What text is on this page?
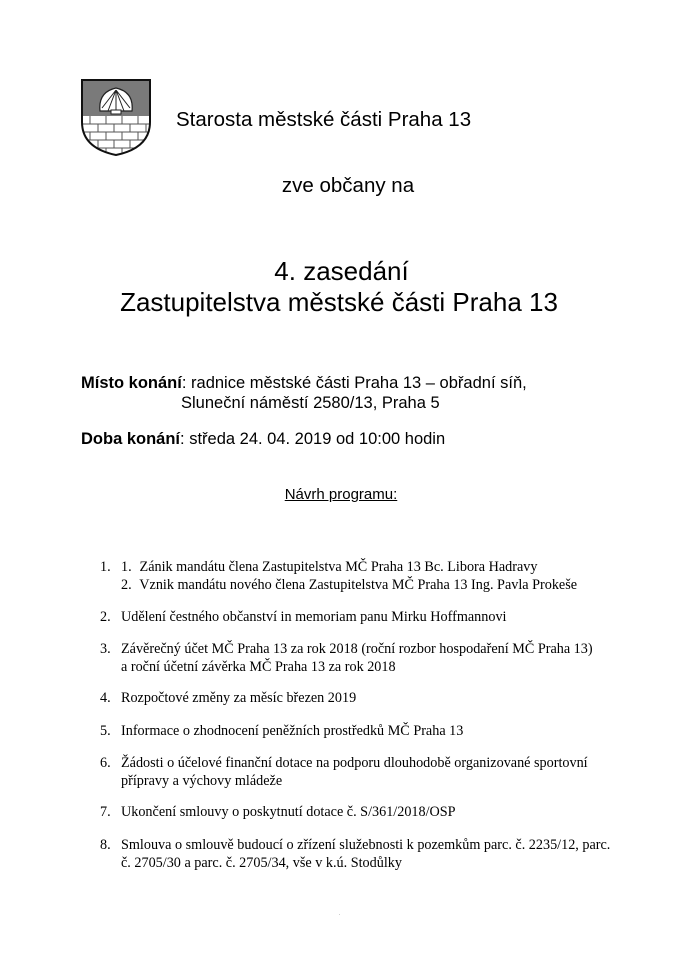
Starosta městské části Praha 13
zve občany na
4. zasedání
Zastupitelstva městské části Praha 13
Místo konání: radnice městské části Praha 13 – obřadní síň,
Sluneční náměstí 2580/13, Praha 5
Doba konání: středa 24. 04. 2019 od 10:00 hodin
Návrh programu:
1. 1. Zánik mandátu člena Zastupitelstva MČ Praha 13 Bc. Libora Hadravy
2. Vznik mandátu nového člena Zastupitelstva MČ Praha 13 Ing. Pavla Prokeše
2. Udělení čestného občanství in memoriam panu Mirku Hoffmannovi
3. Závěrečný účet MČ Praha 13 za rok 2018 (roční rozbor hospodaření MČ Praha 13)
a roční účetní závěrka MČ Praha 13 za rok 2018
4. Rozpočtové změny za měsíc březen 2019
5. Informace o zhodnocení peněžních prostředků MČ Praha 13
6. Žádosti o účelové finanční dotace na podporu dlouhodobě organizované sportovní
přípravy a výchovy mládeže
7. Ukončení smlouvy o poskytnutí dotace č. S/361/2018/OSP
8. Smlouva o smlouvě budoucí o zřízení služebnosti k pozemkům parc. č. 2235/12, parc.
č. 2705/30 a parc. č. 2705/34, vše v k.ú. Stodůlky
